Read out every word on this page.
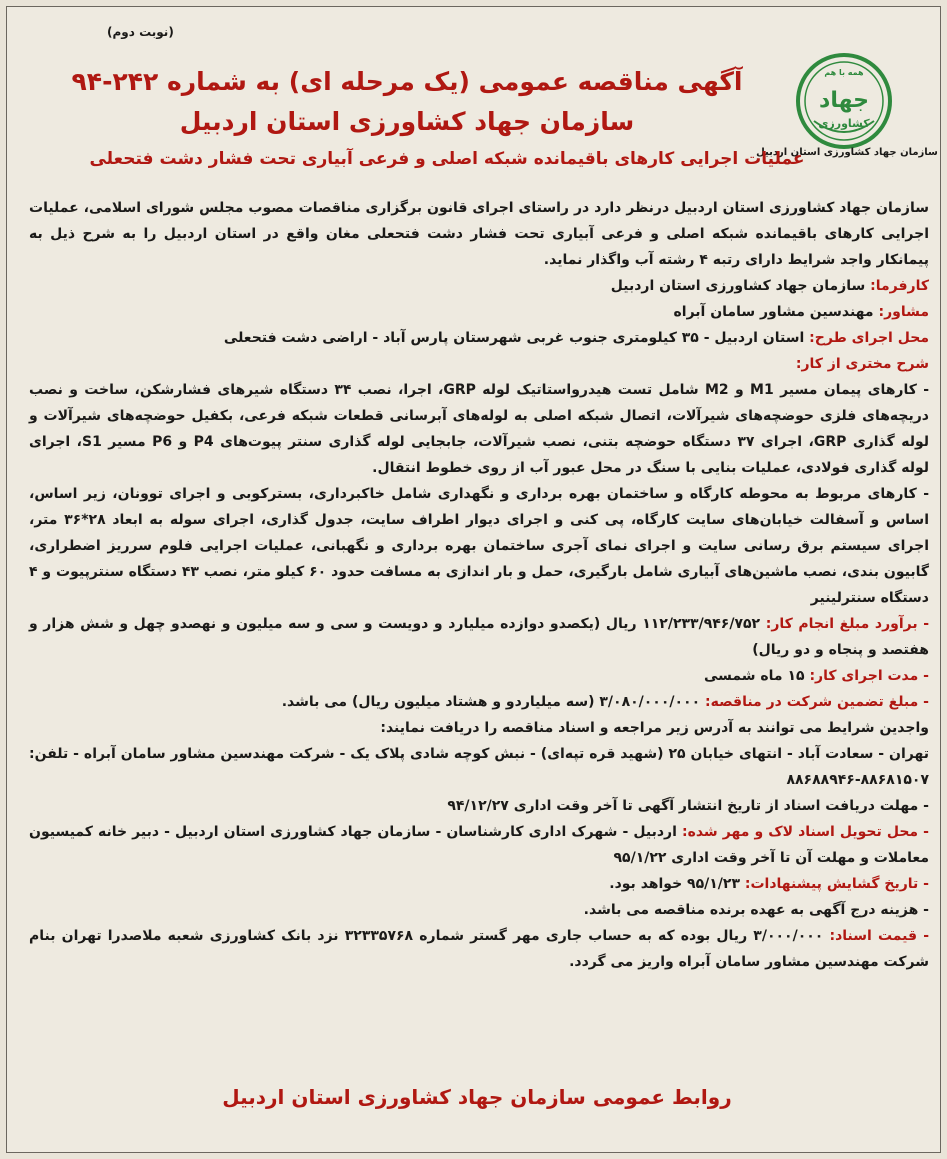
(نوبت دوم)
همه با هم
جهاد
کشاورزی
سازمان جهاد کشاورزی استان اردبیل
آگهی مناقصه عمومی (یک مرحله ای) به شماره ۲۴۲-۹۴
سازمان جهاد کشاورزی استان اردبیل
عملیات اجرایی کارهای باقیمانده شبکه اصلی و فرعی آبیاری تحت فشار دشت فتحعلی

سازمان جهاد کشاورزی استان اردبیل درنظر دارد در راستای اجرای قانون برگزاری مناقصات مصوب مجلس شورای اسلامی، عملیات اجرایی کارهای باقیمانده شبکه اصلی و فرعی آبیاری تحت فشار دشت فتحعلی مغان واقع در استان اردبیل را به شرح ذیل به پیمانکار واجد شرایط دارای رتبه ۴ رشته آب واگذار نماید.

کارفرما: سازمان جهاد کشاورزی استان اردبیل

مشاور: مهندسین مشاور سامان آبراه

محل اجرای طرح: استان اردبیل - ۳۵ کیلومتری جنوب غربی شهرستان پارس آباد - اراضی دشت فتحعلی

شرح مختری از کار:

- کارهای پیمان مسیر M1 و M2 شامل تست هیدرواستاتیک لوله GRP، اجرا، نصب ۳۴ دستگاه شیرهای فشارشکن، ساخت و نصب دریچه‌های فلزی حوضچه‌های شیرآلات، اتصال شبکه اصلی به لوله‌های آبرسانی قطعات شبکه فرعی، بکفیل حوضچه‌های شیرآلات و لوله گذاری GRP، اجرای ۳۷ دستگاه حوضچه بتنی، نصب شیرآلات، جابجایی لوله گذاری سنتر پیوت‌های P4 و P6 مسیر S1، اجرای لوله گذاری فولادی، عملیات بنایی با سنگ در محل عبور آب از روی خطوط انتقال.

- کارهای مربوط به محوطه کارگاه و ساختمان بهره برداری و نگهداری شامل خاکبرداری، بسترکوبی و اجرای توونان، زیر اساس، اساس و آسفالت خیابان‌های سایت کارگاه، پی کنی و اجرای دیوار اطراف سایت، جدول گذاری، اجرای سوله به ابعاد ۲۸*۳۶ متر، اجرای سیستم برق رسانی سایت و اجرای نمای آجری ساختمان بهره برداری و نگهبانی، عملیات اجرایی فلوم سرریز اضطراری، گابیون بندی، نصب ماشین‌های آبیاری شامل بارگیری، حمل و بار اندازی به مسافت حدود ۶۰ کیلو متر، نصب ۴۳ دستگاه سنترپیوت و ۴ دستگاه سنترلینیر

- برآورد مبلغ انجام کار: ۱۱۲/۲۳۳/۹۴۶/۷۵۲ ریال (یکصدو دوازده میلیارد و دویست و سی و سه میلیون و نهصدو چهل و شش هزار و هفتصد و پنجاه و دو ریال)

- مدت اجرای کار: ۱۵ ماه شمسی

- مبلغ تضمین شرکت در مناقصه: ۳/۰۸۰/۰۰۰/۰۰۰ (سه میلیاردو و هشتاد میلیون ریال) می باشد.

واجدین شرایط می توانند به آدرس زیر مراجعه و اسناد مناقصه را دریافت نمایند:

تهران - سعادت آباد - انتهای خیابان ۲۵ (شهید قره تپه‌ای) - نبش کوچه شادی پلاک یک - شرکت مهندسین مشاور سامان آبراه - تلفن: ۸۸۶۸۱۵۰۷-۸۸۶۸۸۹۴۶

- مهلت دریافت اسناد از تاریخ انتشار آگهی تا آخر وقت اداری ۹۴/۱۲/۲۷

- محل تحویل اسناد لاک و مهر شده: اردبیل - شهرک اداری کارشناسان - سازمان جهاد کشاورزی استان اردبیل - دبیر خانه کمیسیون معاملات و مهلت آن تا آخر وقت اداری ۹۵/۱/۲۲

- تاریخ گشایش پیشنهادات: ۹۵/۱/۲۳ خواهد بود.

- هزینه درج آگهی به عهده برنده مناقصه می باشد.

- قیمت اسناد: ۳/۰۰۰/۰۰۰ ریال بوده که به حساب جاری مهر گستر شماره ۳۲۳۳۵۷۶۸ نزد بانک کشاورزی شعبه ملاصدرا تهران بنام شرکت مهندسین مشاور سامان آبراه واریز می گردد.

روابط عمومی سازمان جهاد کشاورزی استان اردبیل
